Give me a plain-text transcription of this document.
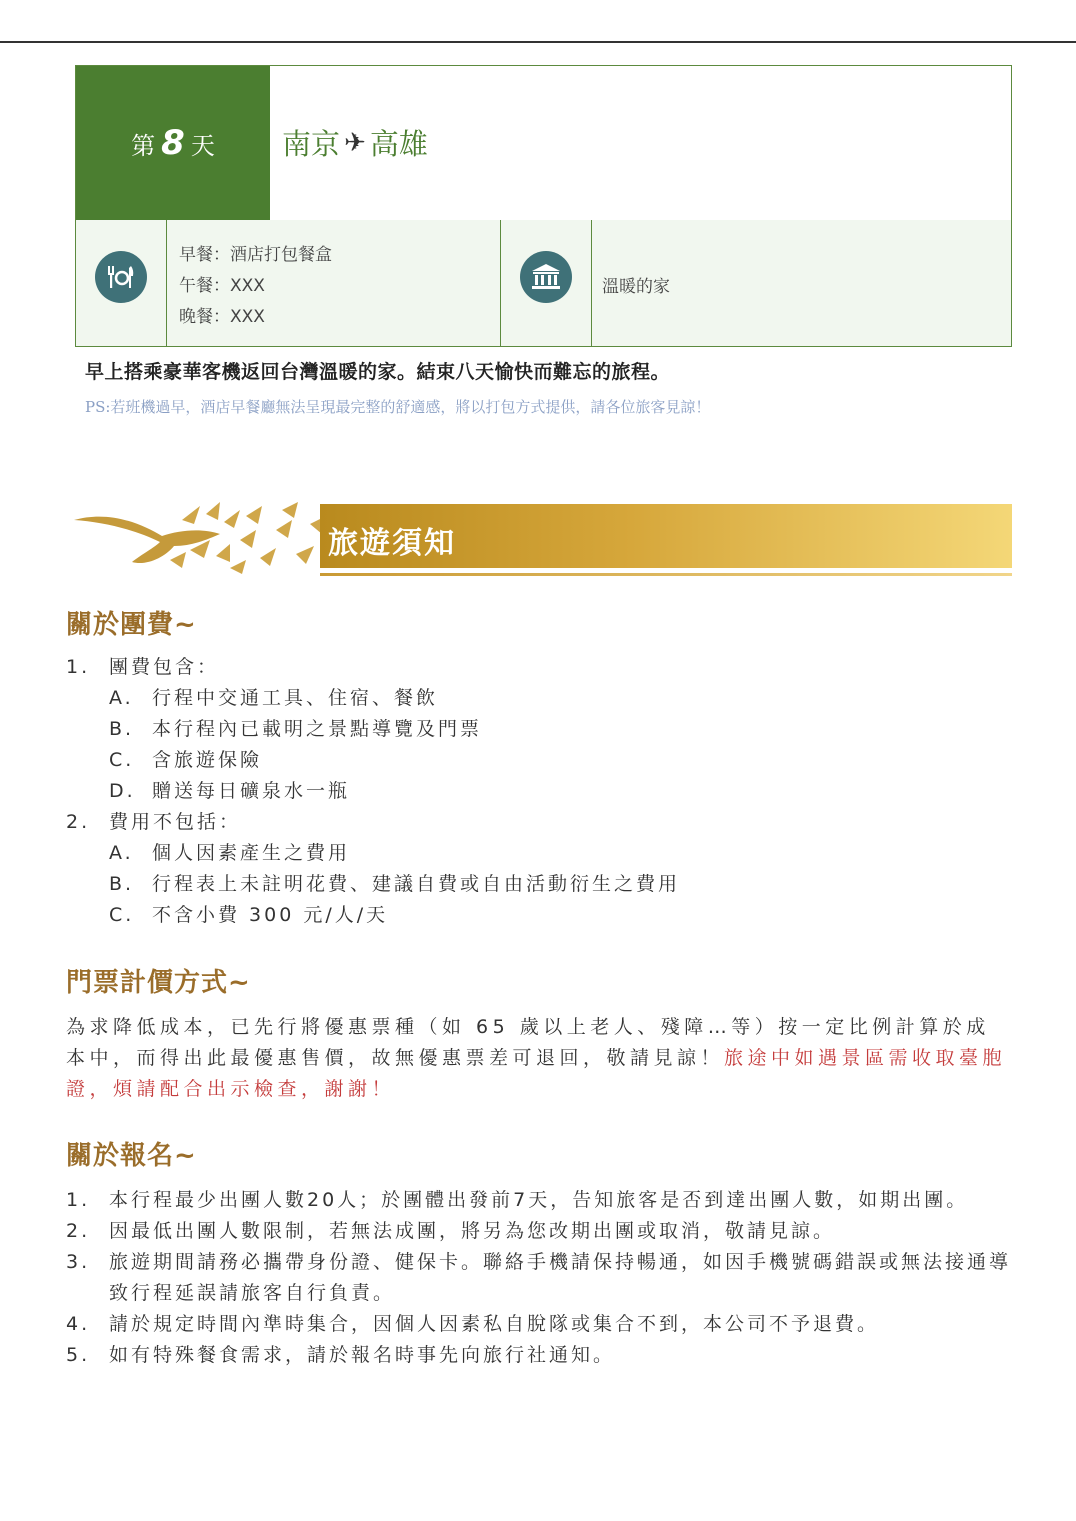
第 8 天 南京 ✈ 高雄
早餐：酒店打包餐盒
午餐：XXX
晚餐：XXX
溫暖的家
早上搭乘豪華客機返回台灣溫暖的家。結束八天愉快而難忘的旅程。
PS:若班機過早，酒店早餐廳無法呈現最完整的舒適感，將以打包方式提供，請各位旅客見諒！
旅遊須知
關於團費~
1. 團費包含：
A. 行程中交通工具、住宿、餐飲
B. 本行程內已載明之景點導覽及門票
C. 含旅遊保險
D. 贈送每日礦泉水一瓶
2. 費用不包括：
A. 個人因素產生之費用
B. 行程表上未註明花費、建議自費或自由活動衍生之費用
C. 不含小費 300 元/人/天
門票計價方式~
為求降低成本，已先行將優惠票種（如 65 歲以上老人、殘障…等）按一定比例計算於成本中，而得出此最優惠售價，故無優惠票差可退回，敬請見諒！旅途中如遇景區需收取臺胞證，煩請配合出示檢查，謝謝！
關於報名~
1. 本行程最少出團人數20人；於團體出發前7天，告知旅客是否到達出團人數，如期出團。
2. 因最低出團人數限制，若無法成團，將另為您改期出團或取消，敬請見諒。
3. 旅遊期間請務必攜帶身份證、健保卡。聯絡手機請保持暢通，如因手機號碼錯誤或無法接通導致行程延誤請旅客自行負責。
4. 請於規定時間內準時集合，因個人因素私自脫隊或集合不到，本公司不予退費。
5. 如有特殊餐食需求，請於報名時事先向旅行社通知。
